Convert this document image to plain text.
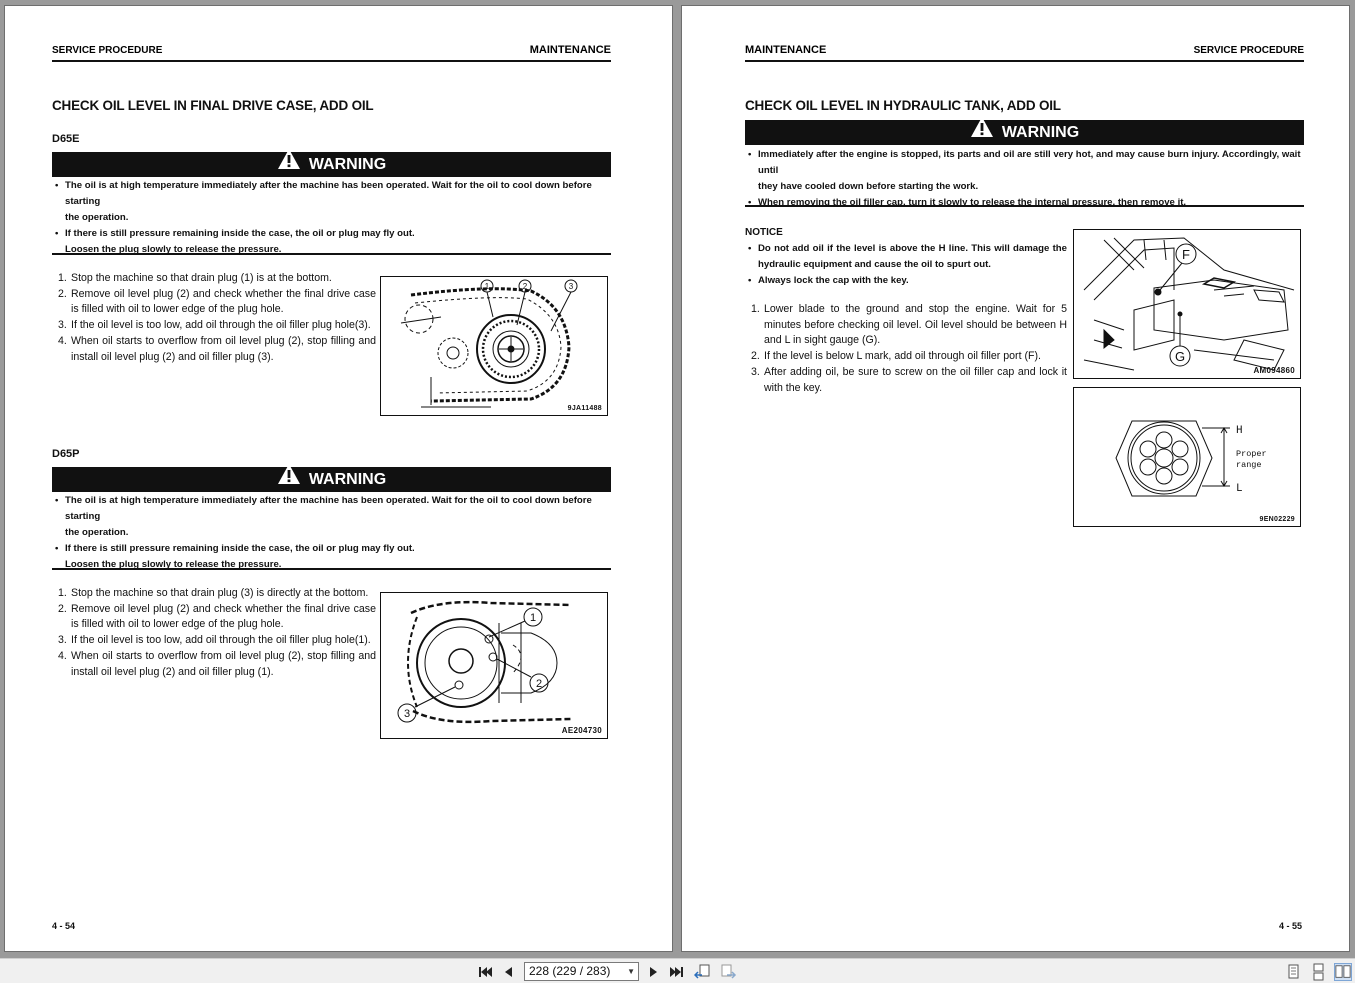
SERVICE PROCEDURE	MAINTENANCE
CHECK OIL LEVEL IN FINAL DRIVE CASE, ADD OIL
D65E
WARNING
• The oil is at high temperature immediately after the machine has been operated. Wait for the oil to cool down before starting
the operation.
• If there is still pressure remaining inside the case, the oil or plug may fly out.
Loosen the plug slowly to release the pressure.
1. Stop the machine so that drain plug (1) is at the bottom.
2. Remove oil level plug (2) and check whether the final drive case is filled with oil to lower edge of the plug hole.
3. If the oil level is too low, add oil through the oil filler plug hole(3).
4. When oil starts to overflow from oil level plug (2), stop filling and install oil level plug (2) and oil filler plug (3).
1	2	3
9JA11488
D65P
WARNING
• The oil is at high temperature immediately after the machine has been operated. Wait for the oil to cool down before starting
the operation.
• If there is still pressure remaining inside the case, the oil or plug may fly out.
Loosen the plug slowly to release the pressure.
1. Stop the machine so that drain plug (3) is directly at the bottom.
2. Remove oil level plug (2) and check whether the final drive case is filled with oil to lower edge of the plug hole.
3. If the oil level is too low, add oil through the oil filler plug hole(1).
4. When oil starts to overflow from oil level plug (2), stop filling and install oil level plug (2) and oil filler plug (1).
1
2
3
AE204730
4 - 54
MAINTENANCE	SERVICE PROCEDURE
CHECK OIL LEVEL IN HYDRAULIC TANK, ADD OIL
WARNING
• Immediately after the engine is stopped, its parts and oil are still very hot, and may cause burn injury. Accordingly, wait until
they have cooled down before starting the work.
• When removing the oil filler cap, turn it slowly to release the internal pressure, then remove it.
NOTICE
• Do not add oil if the level is above the H line. This will damage the hydraulic equipment and cause the oil to spurt out.
• Always lock the cap with the key.
1. Lower blade to the ground and stop the engine. Wait for 5 minutes before checking oil level. Oil level should be between H and L in sight gauge (G).
2. If the level is below L mark, add oil through oil filler port (F).
3. After adding oil, be sure to screw on the oil filler cap and lock it with the key.
F
G
AM094860
H
Proper
range
L
9EN02229
4 - 55
228 (229 / 283) ▼
